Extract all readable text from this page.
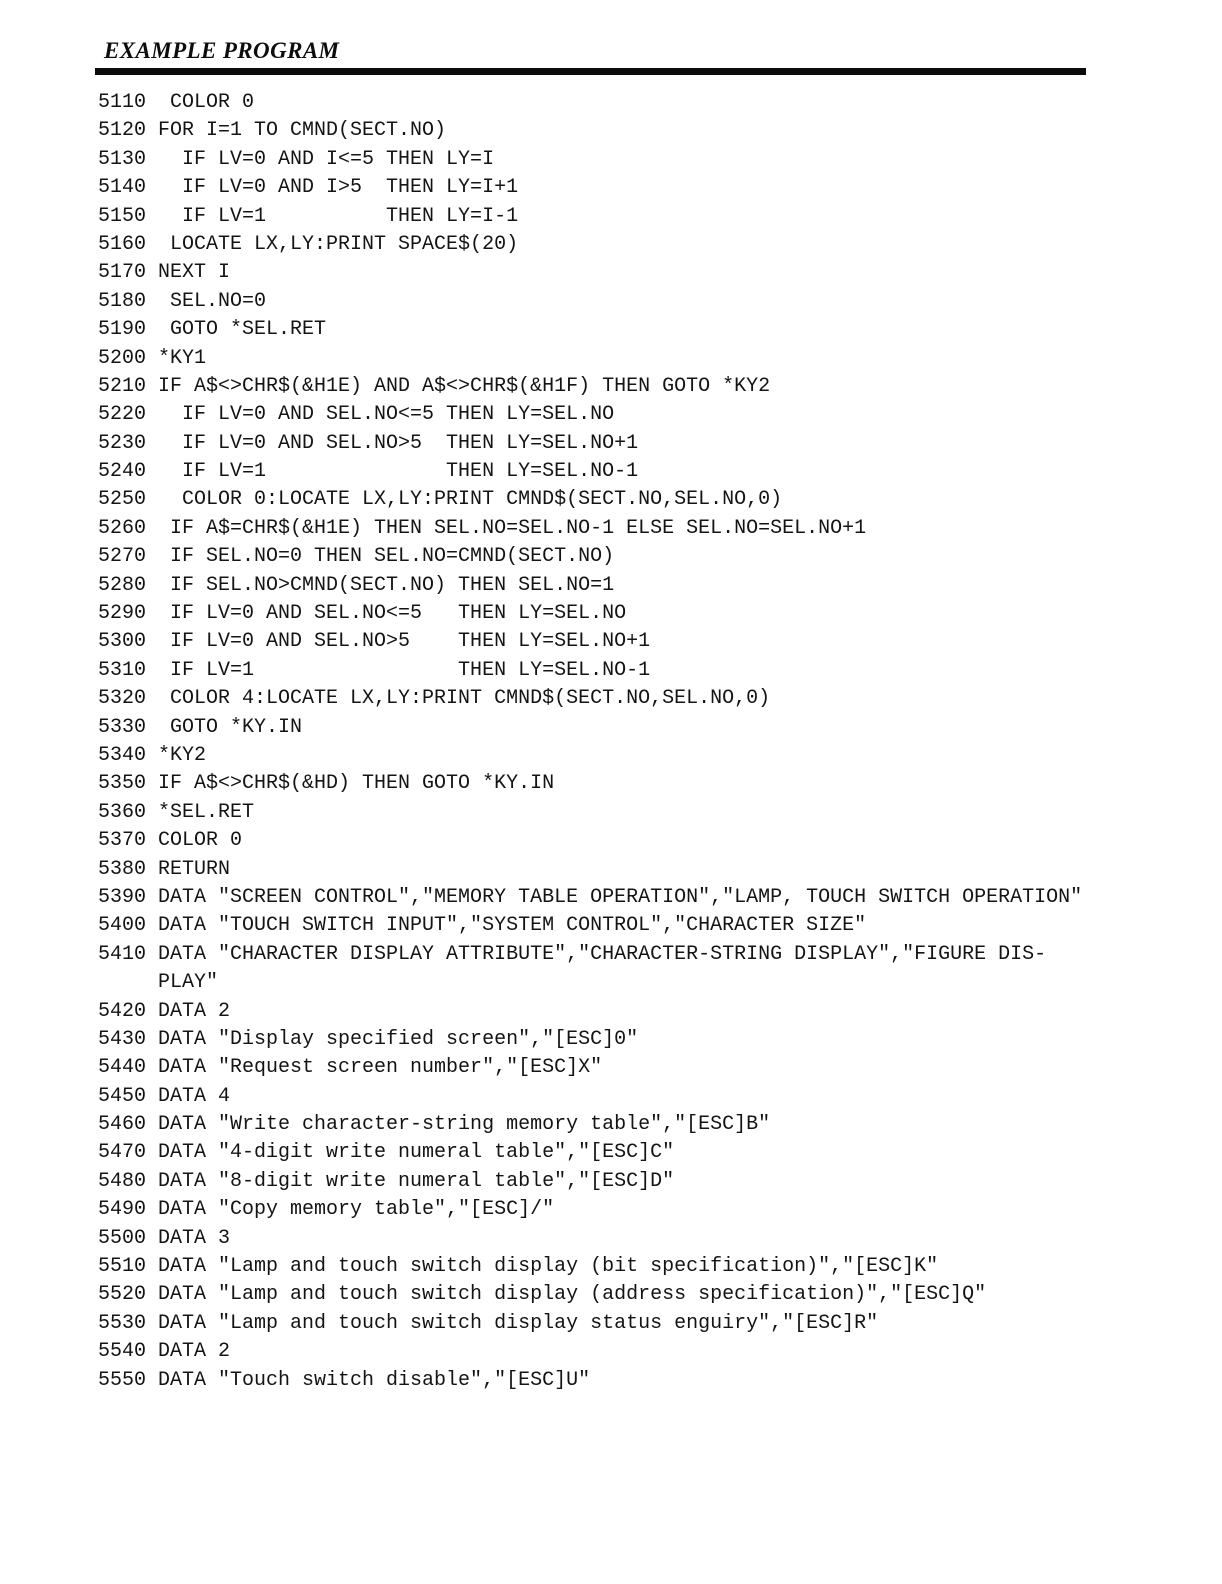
EXAMPLE PROGRAM
5110  COLOR 0
5120 FOR I=1 TO CMND(SECT.NO)
5130   IF LV=0 AND I<=5 THEN LY=I
5140   IF LV=0 AND I>5  THEN LY=I+1
5150   IF LV=1          THEN LY=I-1
5160  LOCATE LX,LY:PRINT SPACE$(20)
5170 NEXT I
5180  SEL.NO=0
5190  GOTO *SEL.RET
5200 *KY1
5210 IF A$<>CHR$(&H1E) AND A$<>CHR$(&H1F) THEN GOTO *KY2
5220   IF LV=0 AND SEL.NO<=5 THEN LY=SEL.NO
5230   IF LV=0 AND SEL.NO>5  THEN LY=SEL.NO+1
5240   IF LV=1               THEN LY=SEL.NO-1
5250   COLOR 0:LOCATE LX,LY:PRINT CMND$(SECT.NO,SEL.NO,0)
5260  IF A$=CHR$(&H1E) THEN SEL.NO=SEL.NO-1 ELSE SEL.NO=SEL.NO+1
5270  IF SEL.NO=0 THEN SEL.NO=CMND(SECT.NO)
5280  IF SEL.NO>CMND(SECT.NO) THEN SEL.NO=1
5290  IF LV=0 AND SEL.NO<=5   THEN LY=SEL.NO
5300  IF LV=0 AND SEL.NO>5    THEN LY=SEL.NO+1
5310  IF LV=1                 THEN LY=SEL.NO-1
5320  COLOR 4:LOCATE LX,LY:PRINT CMND$(SECT.NO,SEL.NO,0)
5330  GOTO *KY.IN
5340 *KY2
5350 IF A$<>CHR$(&HD) THEN GOTO *KY.IN
5360 *SEL.RET
5370 COLOR 0
5380 RETURN
5390 DATA "SCREEN CONTROL","MEMORY TABLE OPERATION","LAMP, TOUCH SWITCH OPERATION"
5400 DATA "TOUCH SWITCH INPUT","SYSTEM CONTROL","CHARACTER SIZE"
5410 DATA "CHARACTER DISPLAY ATTRIBUTE","CHARACTER-STRING DISPLAY","FIGURE DIS-
PLAY"
5420 DATA 2
5430 DATA "Display specified screen","[ESC]0"
5440 DATA "Request screen number","[ESC]X"
5450 DATA 4
5460 DATA "Write character-string memory table","[ESC]B"
5470 DATA "4-digit write numeral table","[ESC]C"
5480 DATA "8-digit write numeral table","[ESC]D"
5490 DATA "Copy memory table","[ESC]/"
5500 DATA 3
5510 DATA "Lamp and touch switch display (bit specification)","[ESC]K"
5520 DATA "Lamp and touch switch display (address specification)","[ESC]Q"
5530 DATA "Lamp and touch switch display status enguiry","[ESC]R"
5540 DATA 2
5550 DATA "Touch switch disable","[ESC]U"
